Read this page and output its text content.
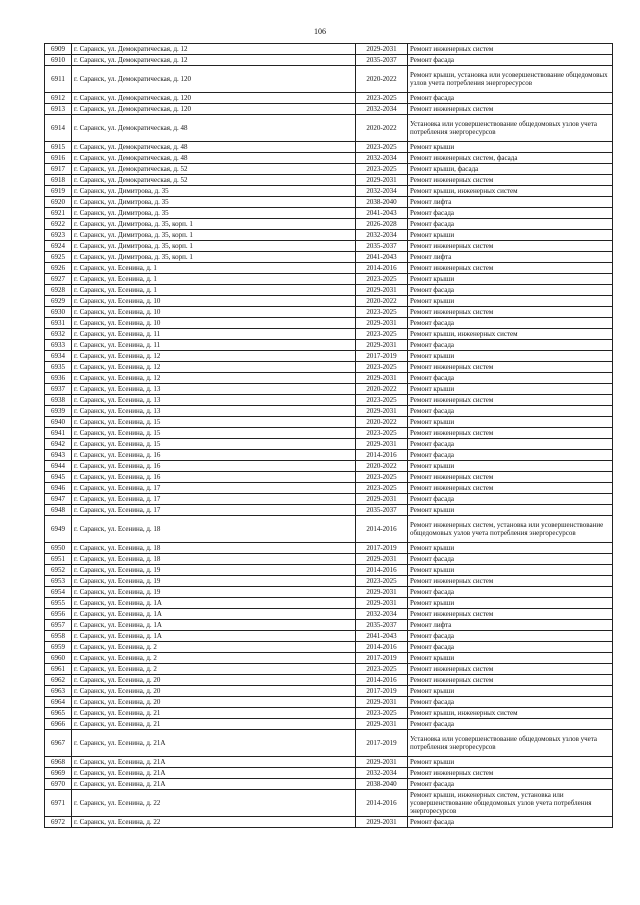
106
6909	г. Саранск, ул. Демократическая, д. 12	2029-2031	Ремонт инженерных систем
6910	г. Саранск, ул. Демократическая, д. 12	2035-2037	Ремонт фасада
6911	г. Саранск, ул. Демократическая, д. 120	2020-2022	Ремонт крыши, установка или усовершенствование общедомовых узлов учета потребления энергоресурсов
6912	г. Саранск, ул. Демократическая, д. 120	2023-2025	Ремонт фасада
6913	г. Саранск, ул. Демократическая, д. 120	2032-2034	Ремонт инженерных систем
6914	г. Саранск, ул. Демократическая, д. 48	2020-2022	Установка или усовершенствование общедомовых узлов учета потребления энергоресурсов
6915	г. Саранск, ул. Демократическая, д. 48	2023-2025	Ремонт крыши
6916	г. Саранск, ул. Демократическая, д. 48	2032-2034	Ремонт инженерных систем, фасада
6917	г. Саранск, ул. Демократическая, д. 52	2023-2025	Ремонт крыши, фасада
6918	г. Саранск, ул. Демократическая, д. 52	2029-2031	Ремонт инженерных систем
6919	г. Саранск, ул. Димитрова, д. 35	2032-2034	Ремонт крыши, инженерных систем
6920	г. Саранск, ул. Димитрова, д. 35	2038-2040	Ремонт лифта
6921	г. Саранск, ул. Димитрова, д. 35	2041-2043	Ремонт фасада
6922	г. Саранск, ул. Димитрова, д. 35, корп. 1	2026-2028	Ремонт фасада
6923	г. Саранск, ул. Димитрова, д. 35, корп. 1	2032-2034	Ремонт крыши
6924	г. Саранск, ул. Димитрова, д. 35, корп. 1	2035-2037	Ремонт инженерных систем
6925	г. Саранск, ул. Димитрова, д. 35, корп. 1	2041-2043	Ремонт лифта
6926	г. Саранск, ул. Есенина, д. 1	2014-2016	Ремонт инженерных систем
6927	г. Саранск, ул. Есенина, д. 1	2023-2025	Ремонт крыши
6928	г. Саранск, ул. Есенина, д. 1	2029-2031	Ремонт фасада
6929	г. Саранск, ул. Есенина, д. 10	2020-2022	Ремонт крыши
6930	г. Саранск, ул. Есенина, д. 10	2023-2025	Ремонт инженерных систем
6931	г. Саранск, ул. Есенина, д. 10	2029-2031	Ремонт фасада
6932	г. Саранск, ул. Есенина, д. 11	2023-2025	Ремонт крыши, инженерных систем
6933	г. Саранск, ул. Есенина, д. 11	2029-2031	Ремонт фасада
6934	г. Саранск, ул. Есенина, д. 12	2017-2019	Ремонт крыши
6935	г. Саранск, ул. Есенина, д. 12	2023-2025	Ремонт инженерных систем
6936	г. Саранск, ул. Есенина, д. 12	2029-2031	Ремонт фасада
6937	г. Саранск, ул. Есенина, д. 13	2020-2022	Ремонт крыши
6938	г. Саранск, ул. Есенина, д. 13	2023-2025	Ремонт инженерных систем
6939	г. Саранск, ул. Есенина, д. 13	2029-2031	Ремонт фасада
6940	г. Саранск, ул. Есенина, д. 15	2020-2022	Ремонт крыши
6941	г. Саранск, ул. Есенина, д. 15	2023-2025	Ремонт инженерных систем
6942	г. Саранск, ул. Есенина, д. 15	2029-2031	Ремонт фасада
6943	г. Саранск, ул. Есенина, д. 16	2014-2016	Ремонт фасада
6944	г. Саранск, ул. Есенина, д. 16	2020-2022	Ремонт крыши
6945	г. Саранск, ул. Есенина, д. 16	2023-2025	Ремонт инженерных систем
6946	г. Саранск, ул. Есенина, д. 17	2023-2025	Ремонт инженерных систем
6947	г. Саранск, ул. Есенина, д. 17	2029-2031	Ремонт фасада
6948	г. Саранск, ул. Есенина, д. 17	2035-2037	Ремонт крыши
6949	г. Саранск, ул. Есенина, д. 18	2014-2016	Ремонт инженерных систем, установка или усовершенствование общедомовых узлов учета потребления энергоресурсов
6950	г. Саранск, ул. Есенина, д. 18	2017-2019	Ремонт крыши
6951	г. Саранск, ул. Есенина, д. 18	2029-2031	Ремонт фасада
6952	г. Саранск, ул. Есенина, д. 19	2014-2016	Ремонт крыши
6953	г. Саранск, ул. Есенина, д. 19	2023-2025	Ремонт инженерных систем
6954	г. Саранск, ул. Есенина, д. 19	2029-2031	Ремонт фасада
6955	г. Саранск, ул. Есенина, д. 1А	2029-2031	Ремонт крыши
6956	г. Саранск, ул. Есенина, д. 1А	2032-2034	Ремонт инженерных систем
6957	г. Саранск, ул. Есенина, д. 1А	2035-2037	Ремонт лифта
6958	г. Саранск, ул. Есенина, д. 1А	2041-2043	Ремонт фасада
6959	г. Саранск, ул. Есенина, д. 2	2014-2016	Ремонт фасада
6960	г. Саранск, ул. Есенина, д. 2	2017-2019	Ремонт крыши
6961	г. Саранск, ул. Есенина, д. 2	2023-2025	Ремонт инженерных систем
6962	г. Саранск, ул. Есенина, д. 20	2014-2016	Ремонт инженерных систем
6963	г. Саранск, ул. Есенина, д. 20	2017-2019	Ремонт крыши
6964	г. Саранск, ул. Есенина, д. 20	2029-2031	Ремонт фасада
6965	г. Саранск, ул. Есенина, д. 21	2023-2025	Ремонт крыши, инженерных систем
6966	г. Саранск, ул. Есенина, д. 21	2029-2031	Ремонт фасада
6967	г. Саранск, ул. Есенина, д. 21А	2017-2019	Установка или усовершенствование общедомовых узлов учета потребления энергоресурсов
6968	г. Саранск, ул. Есенина, д. 21А	2029-2031	Ремонт крыши
6969	г. Саранск, ул. Есенина, д. 21А	2032-2034	Ремонт инженерных систем
6970	г. Саранск, ул. Есенина, д. 21А	2038-2040	Ремонт фасада
6971	г. Саранск, ул. Есенина, д. 22	2014-2016	Ремонт крыши, инженерных систем, установка или усовершенствование общедомовых узлов учета потребления энергоресурсов
6972	г. Саранск, ул. Есенина, д. 22	2029-2031	Ремонт фасада
